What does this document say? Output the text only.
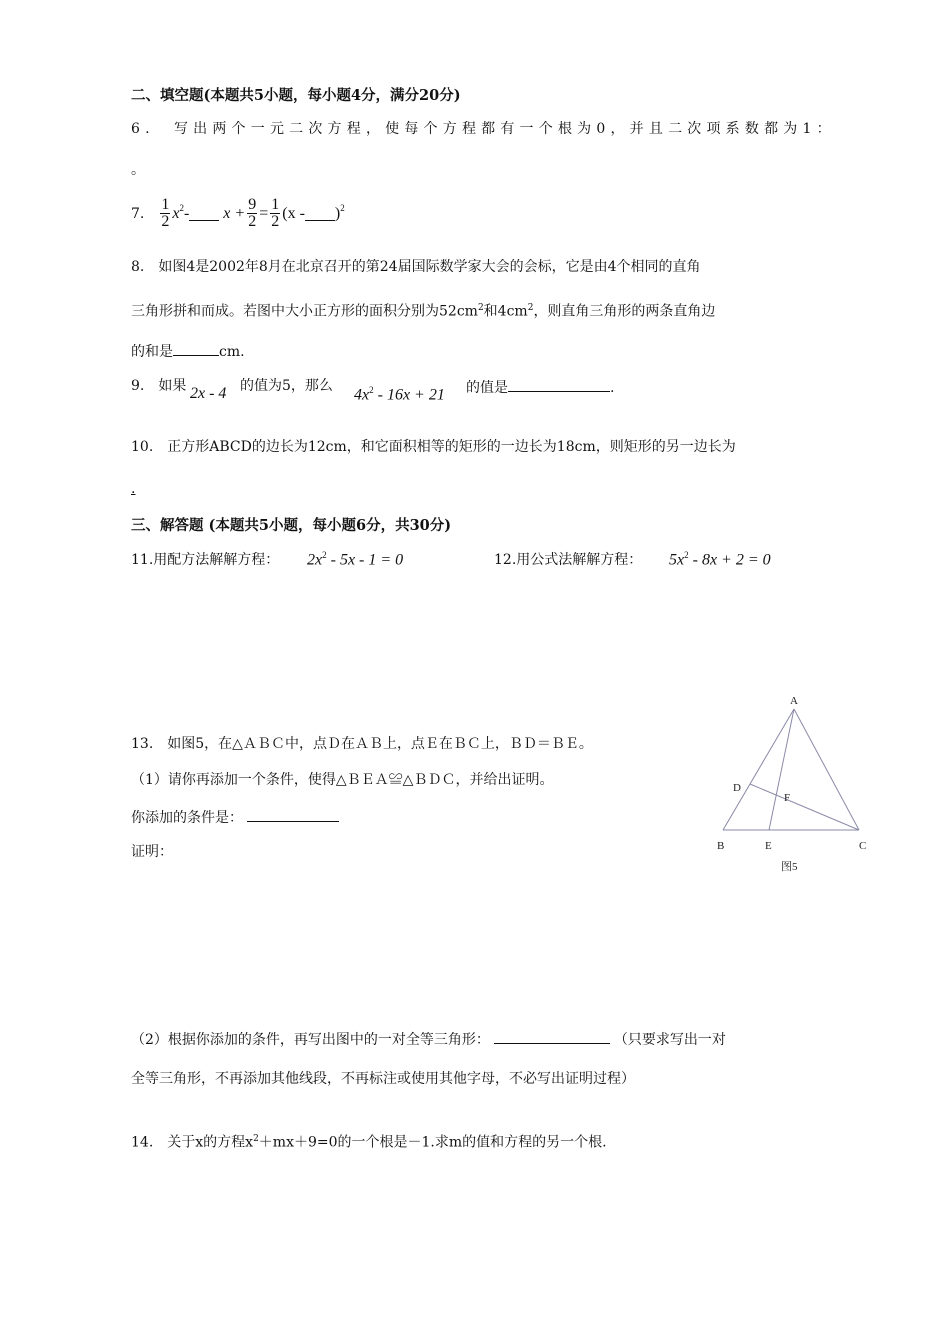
二、填空题(本题共5小题，每小题4分，满分20分)
6.　写出两个一元二次方程，使每个方程都有一个根为0，并且二次项系数都为1：
。
7. $\frac{1}{2} x^2 - x + \frac{9}{2} = \frac{1}{2} (x - )^2$
8.　如图4是2002年8月在北京召开的第24届国际数学家大会的会标，它是由4个相同的直角
三角形拼和而成。若图中大小正方形的面积分别为$52cm^2$和$4cm^2$，则直角三角形的两条直角边
的和是	cm.
9.　如果 2x - 4 的值为5，那么
$4x^2 - 16x + 21$ 的值是	.
10.　正方形ABCD的边长为12cm，和它面积相等的矩形的一边长为18cm，则矩形的另一边长为
.
三、解答题 (本题共5小题，每小题6分，共30分)
11.用配方法解解方程： $2x^2 - 5x - 1 = 0$	12.用公式法解解方程： $5x^2 - 8x + 2 = 0$
13.　如图5，在△ＡＢＣ中，点Ｄ在ＡＢ上，点Ｅ在ＢＣ上，ＢＤ＝ＢＥ。
（1）请你再添加一个条件，使得△ＢＥＡ≌△ＢＤＣ，并给出证明。
你添加的条件是：
证明：
A
D
F
B	E	C
图5
（2）根据你添加的条件，再写出图中的一对全等三角形：	（只要求写出一对
全等三角形，不再添加其他线段，不再标注或使用其他字母，不必写出证明过程）
14.　关于x的方程$x^2+mx+9=0$的一个根是－1.求m的值和方程的另一个根.
